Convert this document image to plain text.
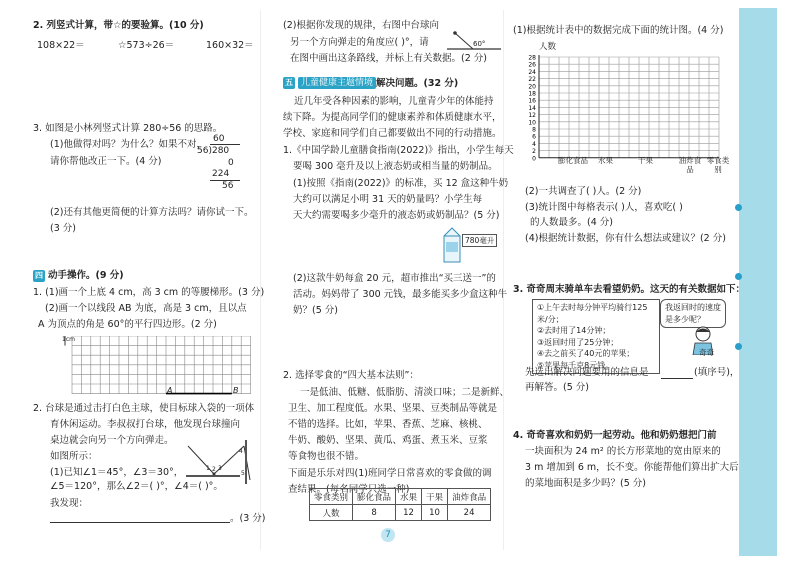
2. 列竖式计算，带☆的要验算。(10 分)
108×22＝	☆573÷26＝	160×32＝
3. 如图是小林列竖式计算 280÷56 的思路。
(1)他做得对吗？为什么？如果不对，
请你帮他改正一下。(4 分)
60
56)280
0
224
56
(2)还有其他更简便的计算方法吗？请你试一下。
(3 分)
四 动手操作。(9 分)
1. (1)画一个上底 4 cm，高 3 cm 的等腰梯形。(3 分)
(2)画一个以线段 AB 为底，高是 3 cm，且以点
A 为顶点的角是 60°的平行四边形。(2 分)
1cm
A	B
2. 台球是通过击打白色主球，使目标球入袋的一项体
育休闲运动。李叔叔打台球，他发现台球撞向
桌边就会向另一个方向弹走。
如图所示：
(1)已知∠1＝45°，∠3＝30°，
∠5＝120°，那么∠2＝( )°，∠4＝( )°。
我发现：
。(3 分)
1 2 3
4
5
(2)根据你发现的规律，右图中台球向
另一个方向弹走的角度应( )°，请
在图中画出这条路线，并标上有关数据。(2 分)
60°
五 儿童健康主题情境 解决问题。(32 分)
近几年受各种因素的影响，儿童青少年的体能持
续下降。为提高同学们的健康素养和体质健康水平，
学校、家庭和同学们自己都要做出不同的行动措施。
1.《中国学龄儿童膳食指南(2022)》指出，小学生每天
要喝 300 毫升及以上液态奶或相当量的奶制品。
(1)按照《指南(2022)》的标准，买 12 盒这种牛奶
大约可以满足小明 31 天的奶量吗？小学生每
天大约需要喝多少毫升的液态奶或奶制品？(5 分)
780毫升
(2)这款牛奶每盒 20 元，超市推出“买三送一”的
活动。妈妈带了 300 元钱，最多能买多少盒这种牛
奶？(5 分)
2. 选择零食的“四大基本法则”：
一是低油、低糖、低脂肪、清淡口味；二是新鲜、
卫生、加工程度低。水果、坚果、豆类制品等就是
不错的选择。比如，苹果、香蕉、芝麻、核桃、
牛奶、酸奶、坚果、黄瓜、鸡蛋、煮玉米、豆浆
等食物也很不错。
下面是乐乐对四(1)班同学日常喜欢的零食做的调
查结果。(每名同学只选一种)
零食类别	膨化食品	水果	干果	油炸食品
人数	8	12	10	24
7
(1)根据统计表中的数据完成下面的统计图。(4 分)
人数
28
26
24
22
20
18
16
14
12
10
8
6
4
2
0	膨化食品 水果	干果	油炸食品
零食类别
(2)一共调查了( )人。(2 分)
(3)统计图中每格表示( )人，喜欢吃( )
的人数最多。(4 分)
(4)根据统计数据，你有什么想法或建议？(2 分)
3. 奇奇周末骑单车去看望奶奶。这天的有关数据如下：
①上午去时每分钟平均骑行125米/分；
②去时用了14分钟；
③返回时用了25分钟；
④去之前买了40元的苹果；
⑤苹果每千克8元钱。
我返回时的速度是多少呢？
奇奇
先选出解决问题要用的信息是	(填序号)，
再解答。(5 分)
4. 奇奇喜欢和奶奶一起劳动。他和奶奶想把门前
一块面积为 24 m² 的长方形菜地的宽由原来的
3 m 增加到 6 m，长不变。你能帮他们算出扩大后
的菜地面积是多少吗？(5 分)
